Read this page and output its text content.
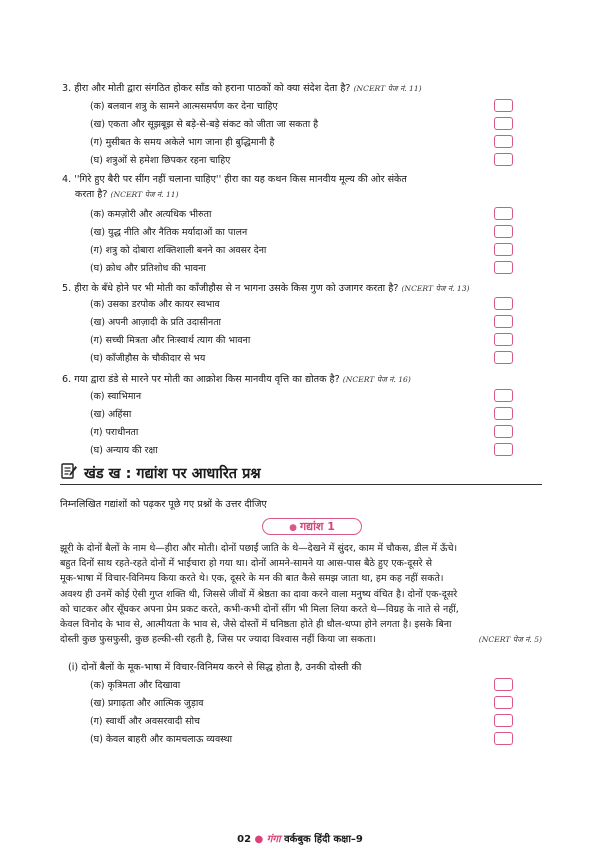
3. हीरा और मोती द्वारा संगठित होकर साँड को हराना पाठकों को क्या संदेश देता है? (NCERT पेज नं. 11)
(क) बलवान शत्रु के सामने आत्मसमर्पण कर देना चाहिए
(ख) एकता और सूझबूझ से बड़े-से-बड़े संकट को जीता जा सकता है
(ग) मुसीबत के समय अकेले भाग जाना ही बुद्धिमानी है
(घ) शत्रुओं से हमेशा छिपकर रहना चाहिए
4. ''गिरे हुए बैरी पर सींग नहीं चलाना चाहिए'' हीरा का यह कथन किस मानवीय मूल्य की ओर संकेत
करता है? (NCERT पेज नं. 11)
(क) कमज़ोरी और अत्यधिक भीरुता
(ख) युद्ध नीति और नैतिक मर्यादाओं का पालन
(ग) शत्रु को दोबारा शक्तिशाली बनने का अवसर देना
(घ) क्रोध और प्रतिशोध की भावना
5. हीरा के बँधे होने पर भी मोती का काँजीहौस से न भागना उसके किस गुण को उजागर करता है? (NCERT पेज नं. 13)
(क) उसका डरपोक और कायर स्वभाव
(ख) अपनी आज़ादी के प्रति उदासीनता
(ग) सच्ची मित्रता और निःस्वार्थ त्याग की भावना
(घ) काँजीहौस के चौकीदार से भय
6. गया द्वारा डंडे से मारने पर मोती का आक्रोश किस मानवीय वृत्ति का द्योतक है? (NCERT पेज नं. 16)
(क) स्वाभिमान
(ख) अहिंसा
(ग) पराधीनता
(घ) अन्याय की रक्षा
खंड ख : गद्यांश पर आधारित प्रश्न
निम्नलिखित गद्यांशों को पढ़कर पूछे गए प्रश्नों के उत्तर दीजिए
● गद्यांश 1
झूरी के दोनों बैलों के नाम थे—हीरा और मोती। दोनों पछाईं जाति के थे—देखने में सुंदर, काम में चौकस, डील में ऊँचे।
बहुत दिनों साथ रहते-रहते दोनों में भाईचारा हो गया था। दोनों आमने-सामने या आस-पास बैठे हुए एक-दूसरे से
मूक-भाषा में विचार-विनिमय किया करते थे। एक, दूसरे के मन की बात कैसे समझ जाता था, हम कह नहीं सकते।
अवश्य ही उनमें कोई ऐसी गुप्त शक्ति थी, जिससे जीवों में श्रेष्ठता का दावा करने वाला मनुष्य वंचित है। दोनों एक-दूसरे
को चाटकर और सूँघकर अपना प्रेम प्रकट करते, कभी-कभी दोनों सींग भी मिला लिया करते थे—विग्रह के नाते से नहीं,
केवल विनोद के भाव से, आत्मीयता के भाव से, जैसे दोस्तों में घनिष्ठता होते ही धौल-धप्पा होने लगता है। इसके बिना
दोस्ती कुछ फुसफुसी, कुछ हल्की-सी रहती है, जिस पर ज्यादा विश्वास नहीं किया जा सकता।	(NCERT पेज नं. 5)
(i) दोनों बैलों के मूक-भाषा में विचार-विनिमय करने से सिद्ध होता है, उनकी दोस्ती की
(क) कृत्रिमता और दिखावा
(ख) प्रगाढ़ता और आत्मिक जुड़ाव
(ग) स्वार्थी और अवसरवादी सोच
(घ) केवल बाहरी और कामचलाऊ व्यवस्था
02 ● गंगा वर्कबुक हिंदी कक्षा–9
